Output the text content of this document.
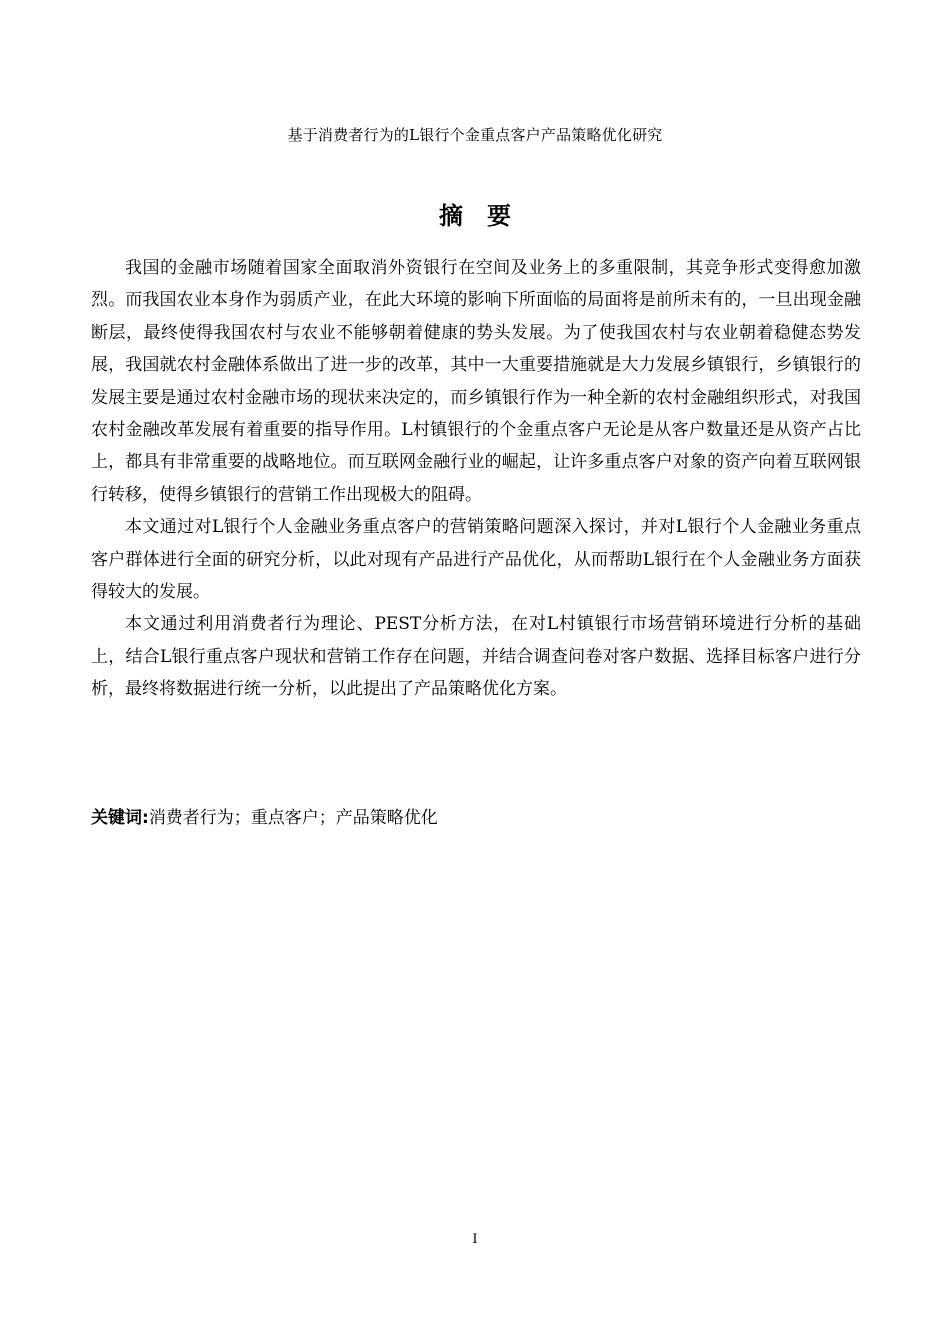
基于消费者行为的L银行个金重点客户产品策略优化研究
摘要

我国的金融市场随着国家全面取消外资银行在空间及业务上的多重限制，其竞争形式变得愈加激烈。而我国农业本身作为弱质产业，在此大环境的影响下所面临的局面将是前所未有的，一旦出现金融断层，最终使得我国农村与农业不能够朝着健康的势头发展。为了使我国农村与农业朝着稳健态势发展，我国就农村金融体系做出了进一步的改革，其中一大重要措施就是大力发展乡镇银行，乡镇银行的发展主要是通过农村金融市场的现状来决定的，而乡镇银行作为一种全新的农村金融组织形式，对我国农村金融改革发展有着重要的指导作用。L村镇银行的个金重点客户无论是从客户数量还是从资产占比上，都具有非常重要的战略地位。而互联网金融行业的崛起，让许多重点客户对象的资产向着互联网银行转移，使得乡镇银行的营销工作出现极大的阻碍。

本文通过对L银行个人金融业务重点客户的营销策略问题深入探讨，并对L银行个人金融业务重点客户群体进行全面的研究分析，以此对现有产品进行产品优化，从而帮助L银行在个人金融业务方面获得较大的发展。

本文通过利用消费者行为理论、PEST分析方法，在对L村镇银行市场营销环境进行分析的基础上，结合L银行重点客户现状和营销工作存在问题，并结合调查问卷对客户数据、选择目标客户进行分析，最终将数据进行统一分析，以此提出了产品策略优化方案。

关键词:消费者行为；重点客户；产品策略优化
I
